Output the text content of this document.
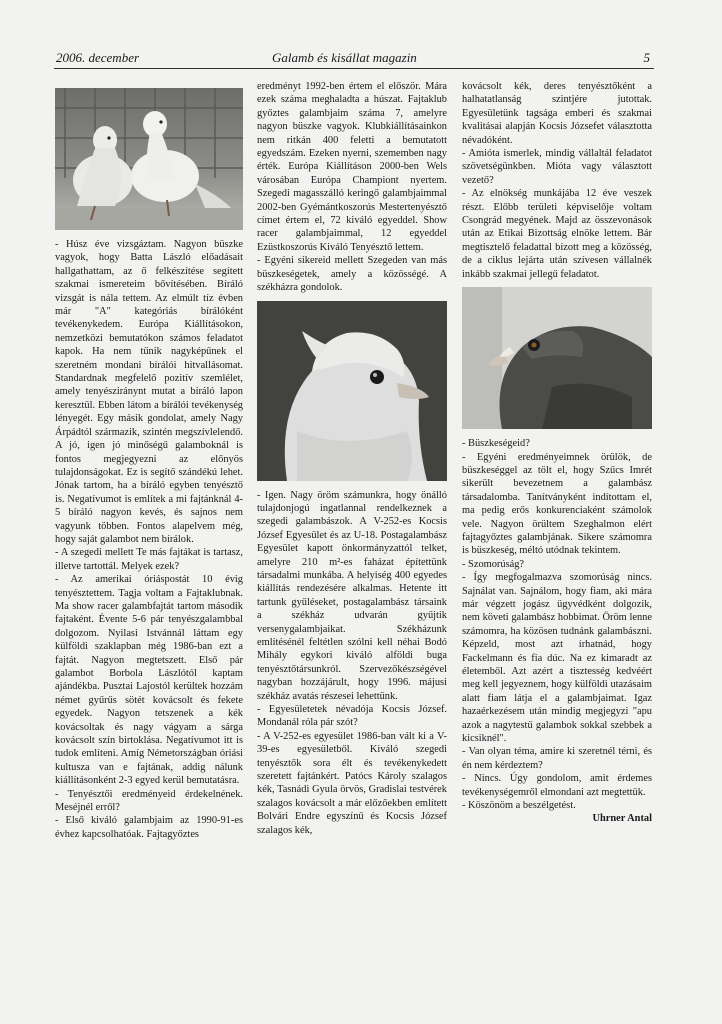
2006. december	Galamb és kisállat magazin	5

- Húsz éve vizsgáztam. Nagyon büszke vagyok, hogy Batta László előadásait hallgathattam, az ő felkészítése segített szakmai ismereteim bővítésében. Bíráló vizsgát is nála tettem. Az elmúlt tíz évben már "A" kategóriás bírálóként tevékenykedem. Európa Kiállításokon, nemzetközi bemutatókon számos feladatot kapok. Ha nem tűnik nagyképűnek el szeretném mondani bírálói hitvallásomat. Standardnak megfelelő pozitív szemlélet, amely tenyésziránynt mutat a bíráló lapon keresztül. Ebben látom a bírálói tevékenység lényegét. Egy másik gondolat, amely Nagy Árpádtól származik, szintén megszívlelendő. A jó, igen jó minőségű galamboknál is fontos megjegyezni az előnyös tulajdonságokat. Ez is segítő szándékú lehet. Jónak tartom, ha a bíráló egyben tenyésztő is. Negatívumot is említek a mi fajtánknál 4-5 bíráló nagyon kevés, és sajnos nem vagyunk többen. Fontos alapelvem még, hogy saját galambot nem bírálok.

- A szegedi mellett Te más fajtákat is tartasz, illetve tartottál. Melyek ezek?

- Az amerikai óriáspostát 10 évig tenyésztettem. Tagja voltam a Fajtaklubnak. Ma show racer galambfajtát tartom második fajtaként. Évente 5-6 pár tenyészgalambbal dolgozom. Nyilasi Istvánnál láttam egy külföldi szaklapban még 1986-ban ezt a fajtát. Nagyon megtetszett. Első pár galambot Borbola Lászlótól kaptam ajándékba. Pusztai Lajostól kerültek hozzám német gyűrűs sötét kovácsolt és fekete egyedek. Nagyon tetszenek a kék kovácsoltak és nagy vágyam a sárga kovácsolt szín birtoklása. Negatívumot itt is tudok említeni. Amíg Németországban óriási kultusza van e fajtának, addig nálunk kiállításonként 2-3 egyed kerül bemutatásra.

- Tenyésztői eredményeid érdekelnének. Meséjnél erről?

- Első kiváló galambjaim az 1990-91-es évhez kapcsolhatóak. Fajtagyőztes

eredményt 1992-ben értem el először. Mára ezek száma meghaladta a húszat. Fajtaklub győztes galambjaim száma 7, amelyre nagyon büszke vagyok. Klubkiállításainkon nem ritkán 400 feletti a bemutatott egyedszám. Ezeken nyerni, szememben nagy érték. Európa Kiállításon 2000-ben Wels városában Európa Championt nyertem. Szegedi magasszálló keringő galambjaimmal 2002-ben Gyémántkoszorús Mestertenyésztő címet értem el, 72 kiváló egyeddel. Show racer galambjaimmal, 12 egyeddel Ezüstkoszorús Kiváló Tenyésztő lettem.

- Egyéni sikereid mellett Szegeden van más büszkeségetek, amely a közösségé. A székházra gondolok.

- Igen. Nagy öröm számunkra, hogy önálló tulajdonjogú ingatlannal rendelkeznek a szegedi galambászok. A V-252-es Kocsis József Egyesület és az U-18. Postagalambász Egyesület kapott önkormányzattól telket, amelyre 210 m²-es faházat építettünk társadalmi munkába. A helyiség 400 egyedes kiállítás rendezésére alkalmas. Hetente itt tartunk gyűléseket, postagalambász társaink a székház udvarán gyűjtik versenygalambjaikat. Székházunk említésénél feltétlen szólni kell néhai Bodó Mihály egykori kiváló alföldi buga tenyésztőtársunkról. Szervezőkészségével nagyban hozzájárult, hogy 1996. májusi székház avatás részesei lehettünk.

- Egyesületetek névadója Kocsis József. Mondanál róla pár szót?

- A V-252-es egyesület 1986-ban vált ki a V-39-es egyesületből. Kiváló szegedi tenyésztők sora élt és tevékenykedett szeretett fajtánkért. Patócs Károly szalagos kék, Tasnádi Gyula örvös, Gradislai testvérek szalagos kovácsolt a már előzőekben említett Bolvári Endre egyszínű és Kocsis József szalagos kék,

kovácsolt kék, deres tenyésztőként a halhatatlanság szintjére jutottak. Egyesületünk tagsága emberi és szakmai kvalitásai alapján Kocsis Józsefet választotta névadóként.

- Amióta ismerlek, mindig vállaltál feladatot szövetségünkben. Mióta vagy választott vezető?

- Az elnökség munkájába 12 éve veszek részt. Előbb területi képviselője voltam Csongrád megyének. Majd az összevonások után az Etikai Bizottság elnöke lettem. Bár megtisztelő feladattal bízott meg a közösség, de a ciklus lejárta után szívesen vállalnék inkább szakmai jellegű feladatot.

- Büszkeségeid?

- Egyéni eredményeimnek örülök, de büszkeséggel az tölt el, hogy Szűcs Imrét sikerült bevezetnem a galambász társadalomba. Tanítványként indítottam el, ma pedig erős konkurenciaként számolok vele. Nagyon örültem Szeghalmon elért fajtagyőztes galambjának. Sikere számomra is büszkeség, méltó utódnak tekintem.

- Szomorúság?

- Így megfogalmazva szomorúság nincs. Sajnálat van. Sajnálom, hogy fiam, aki mára már végzett jogász ügyvédként dolgozik, nem követi galambász hobbimat. Öröm lenne számomra, ha közösen tudnánk galambászni. Képzeld, most azt írhatnád, hogy Fackelmann és fia dúc. Na ez kimaradt az életemből. Azt azért a tisztesség kedvéért meg kell jegyeznem, hogy külföldi utazásaim alatt fiam látja el a galambjaimat. Igaz hazaérkezésem után mindig megjegyzi "apu azok a nagytestű galambok sokkal szebbek a kicsiknél".

- Van olyan téma, amire ki szeretnél térni, és én nem kérdeztem?

- Nincs. Úgy gondolom, amit érdemes tevékenységemről elmondani azt megtettük.

- Köszönöm a beszélgetést.

Uhrner Antal
